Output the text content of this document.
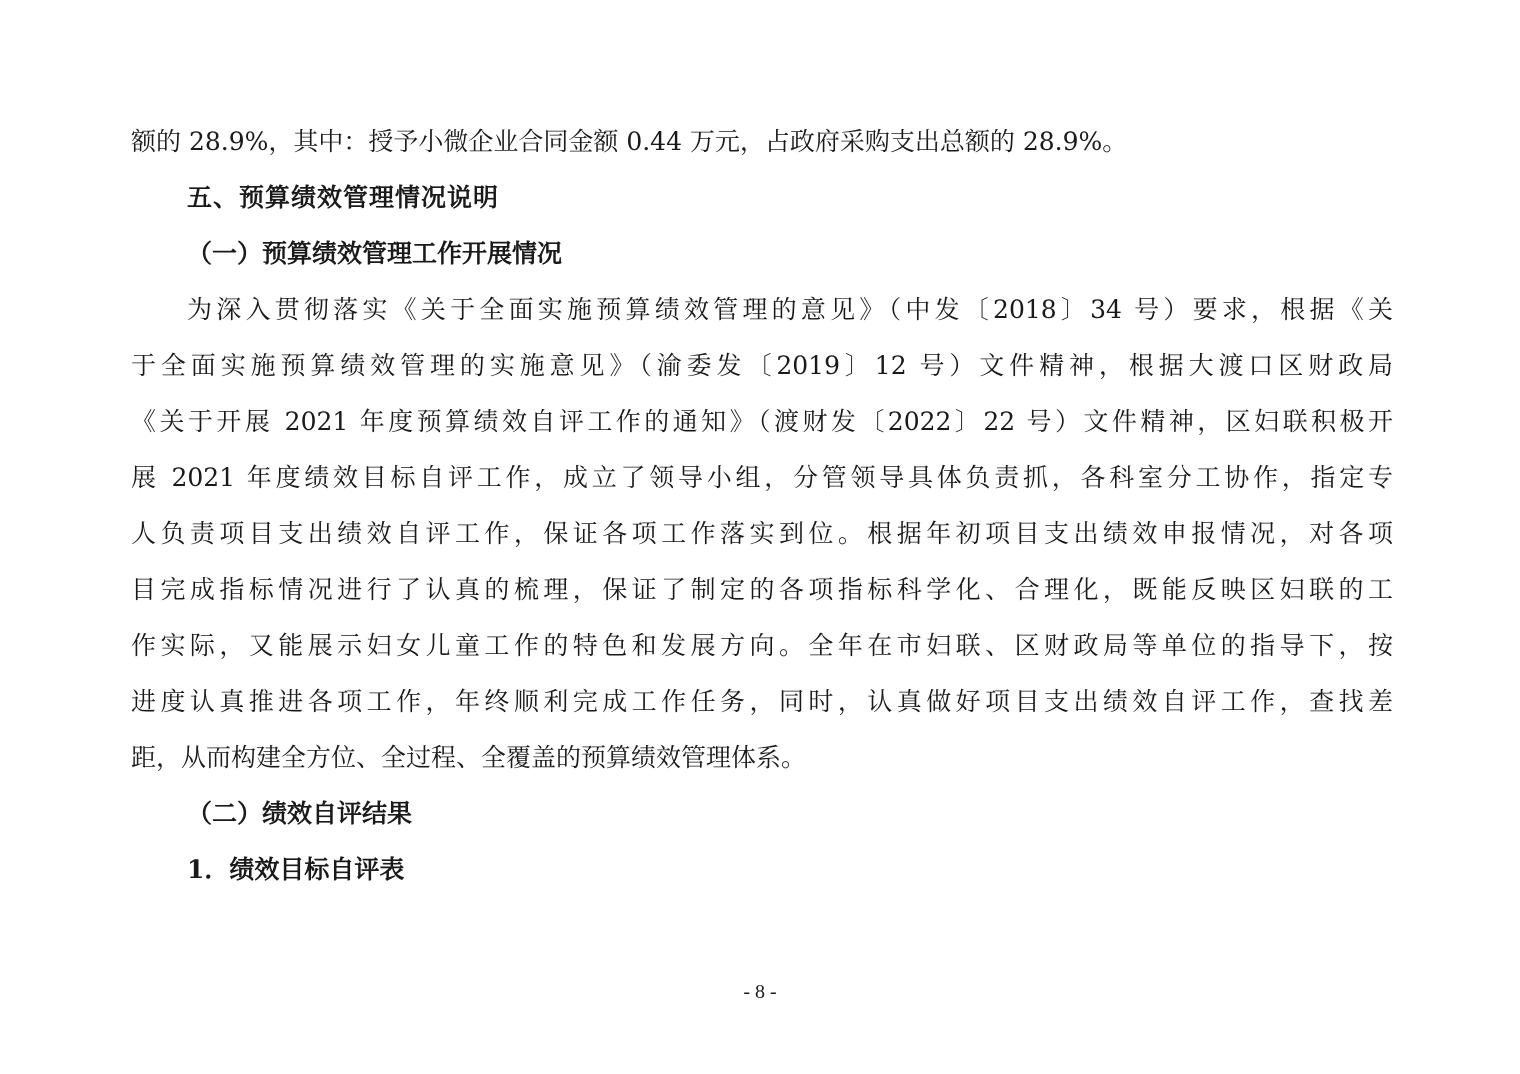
额的 28.9%，其中：授予小微企业合同金额 0.44 万元，占政府采购支出总额的 28.9%。
五、预算绩效管理情况说明
（一）预算绩效管理工作开展情况
为深入贯彻落实《关于全面实施预算绩效管理的意见》（中发〔2018〕34 号）要求，根据《关
于全面实施预算绩效管理的实施意见》（渝委发〔2019〕12 号）文件精神，根据大渡口区财政局
《关于开展 2021 年度预算绩效自评工作的通知》（渡财发〔2022〕22 号）文件精神，区妇联积极开
展 2021 年度绩效目标自评工作，成立了领导小组，分管领导具体负责抓，各科室分工协作，指定专
人负责项目支出绩效自评工作，保证各项工作落实到位。根据年初项目支出绩效申报情况，对各项
目完成指标情况进行了认真的梳理，保证了制定的各项指标科学化、合理化，既能反映区妇联的工
作实际，又能展示妇女儿童工作的特色和发展方向。全年在市妇联、区财政局等单位的指导下，按
进度认真推进各项工作，年终顺利完成工作任务，同时，认真做好项目支出绩效自评工作，查找差
距，从而构建全方位、全过程、全覆盖的预算绩效管理体系。
（二）绩效自评结果
1．绩效目标自评表
- 8 -
